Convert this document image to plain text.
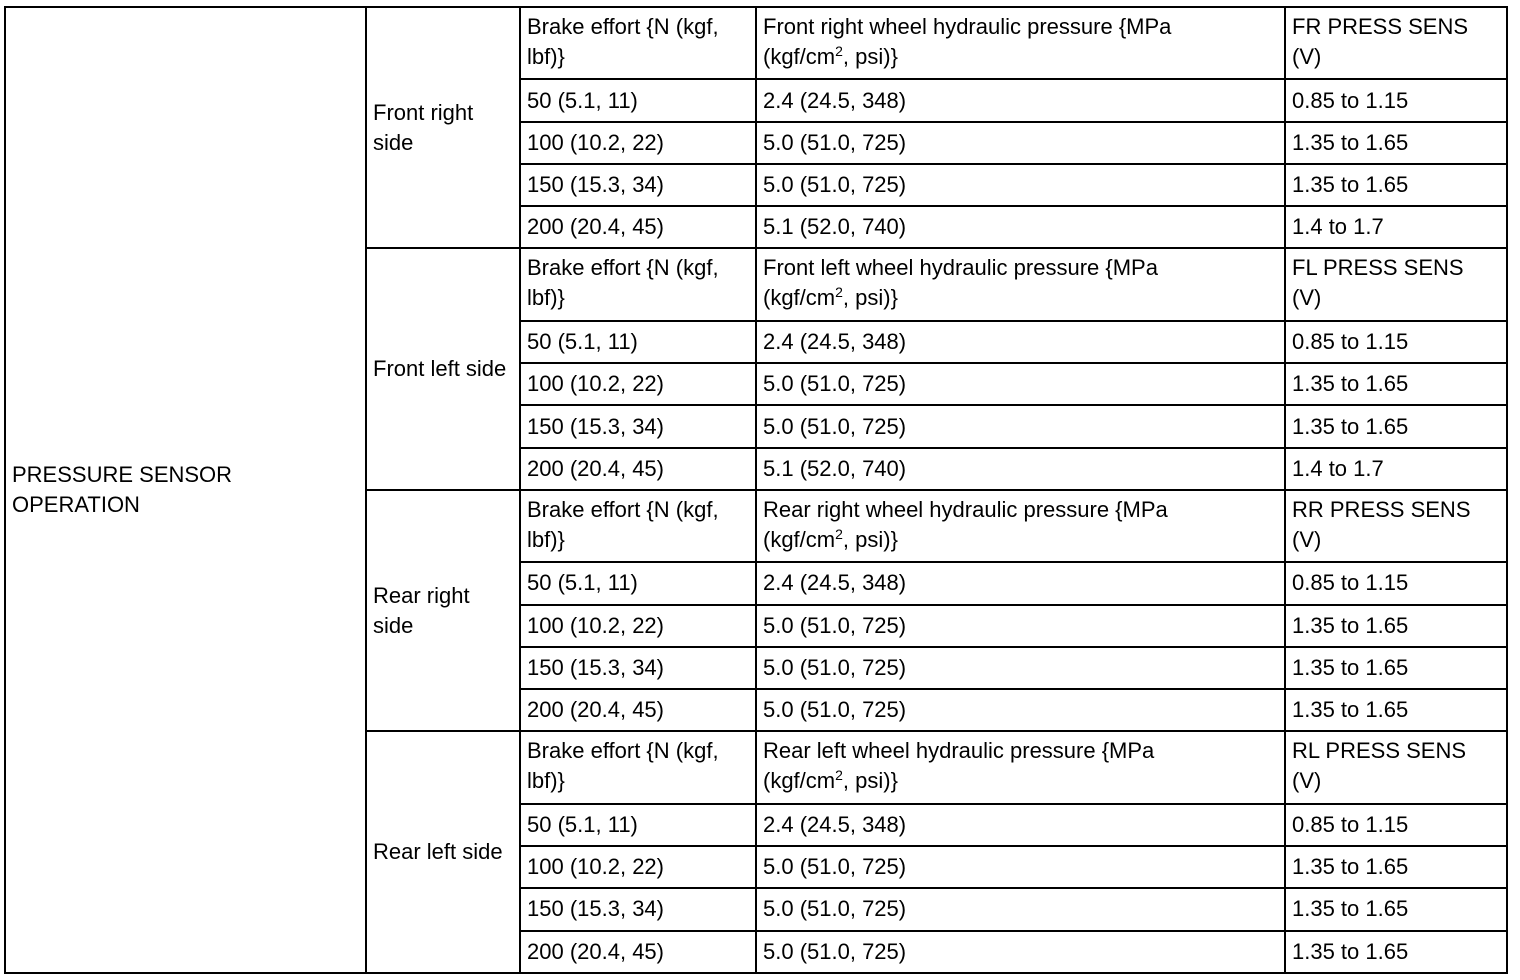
PRESSURE SENSOR OPERATION	Front right side	Brake effort {N (kgf, lbf)}	Front right wheel hydraulic pressure {MPa
($kgf/cm^2$, psi)}	FR PRESS SENS
(V)
		50 (5.1, 11)	2.4 (24.5, 348)	0.85 to 1.15
		100 (10.2, 22)	5.0 (51.0, 725)	1.35 to 1.65
		150 (15.3, 34)	5.0 (51.0, 725)	1.35 to 1.65
		200 (20.4, 45)	5.1 (52.0, 740)	1.4 to 1.7
	Front left side	Brake effort {N (kgf, lbf)}	Front left wheel hydraulic pressure {MPa
($kgf/cm^2$, psi)}	FL PRESS SENS
(V)
		50 (5.1, 11)	2.4 (24.5, 348)	0.85 to 1.15
		100 (10.2, 22)	5.0 (51.0, 725)	1.35 to 1.65
		150 (15.3, 34)	5.0 (51.0, 725)	1.35 to 1.65
		200 (20.4, 45)	5.1 (52.0, 740)	1.4 to 1.7
	Rear right side	Brake effort {N (kgf, lbf)}	Rear right wheel hydraulic pressure {MPa
($kgf/cm^2$, psi)}	RR PRESS SENS
(V)
		50 (5.1, 11)	2.4 (24.5, 348)	0.85 to 1.15
		100 (10.2, 22)	5.0 (51.0, 725)	1.35 to 1.65
		150 (15.3, 34)	5.0 (51.0, 725)	1.35 to 1.65
		200 (20.4, 45)	5.0 (51.0, 725)	1.35 to 1.65
	Rear left side	Brake effort {N (kgf, lbf)}	Rear left wheel hydraulic pressure {MPa
($kgf/cm^2$, psi)}	RL PRESS SENS
(V)
		50 (5.1, 11)	2.4 (24.5, 348)	0.85 to 1.15
		100 (10.2, 22)	5.0 (51.0, 725)	1.35 to 1.65
		150 (15.3, 34)	5.0 (51.0, 725)	1.35 to 1.65
		200 (20.4, 45)	5.0 (51.0, 725)	1.35 to 1.65
